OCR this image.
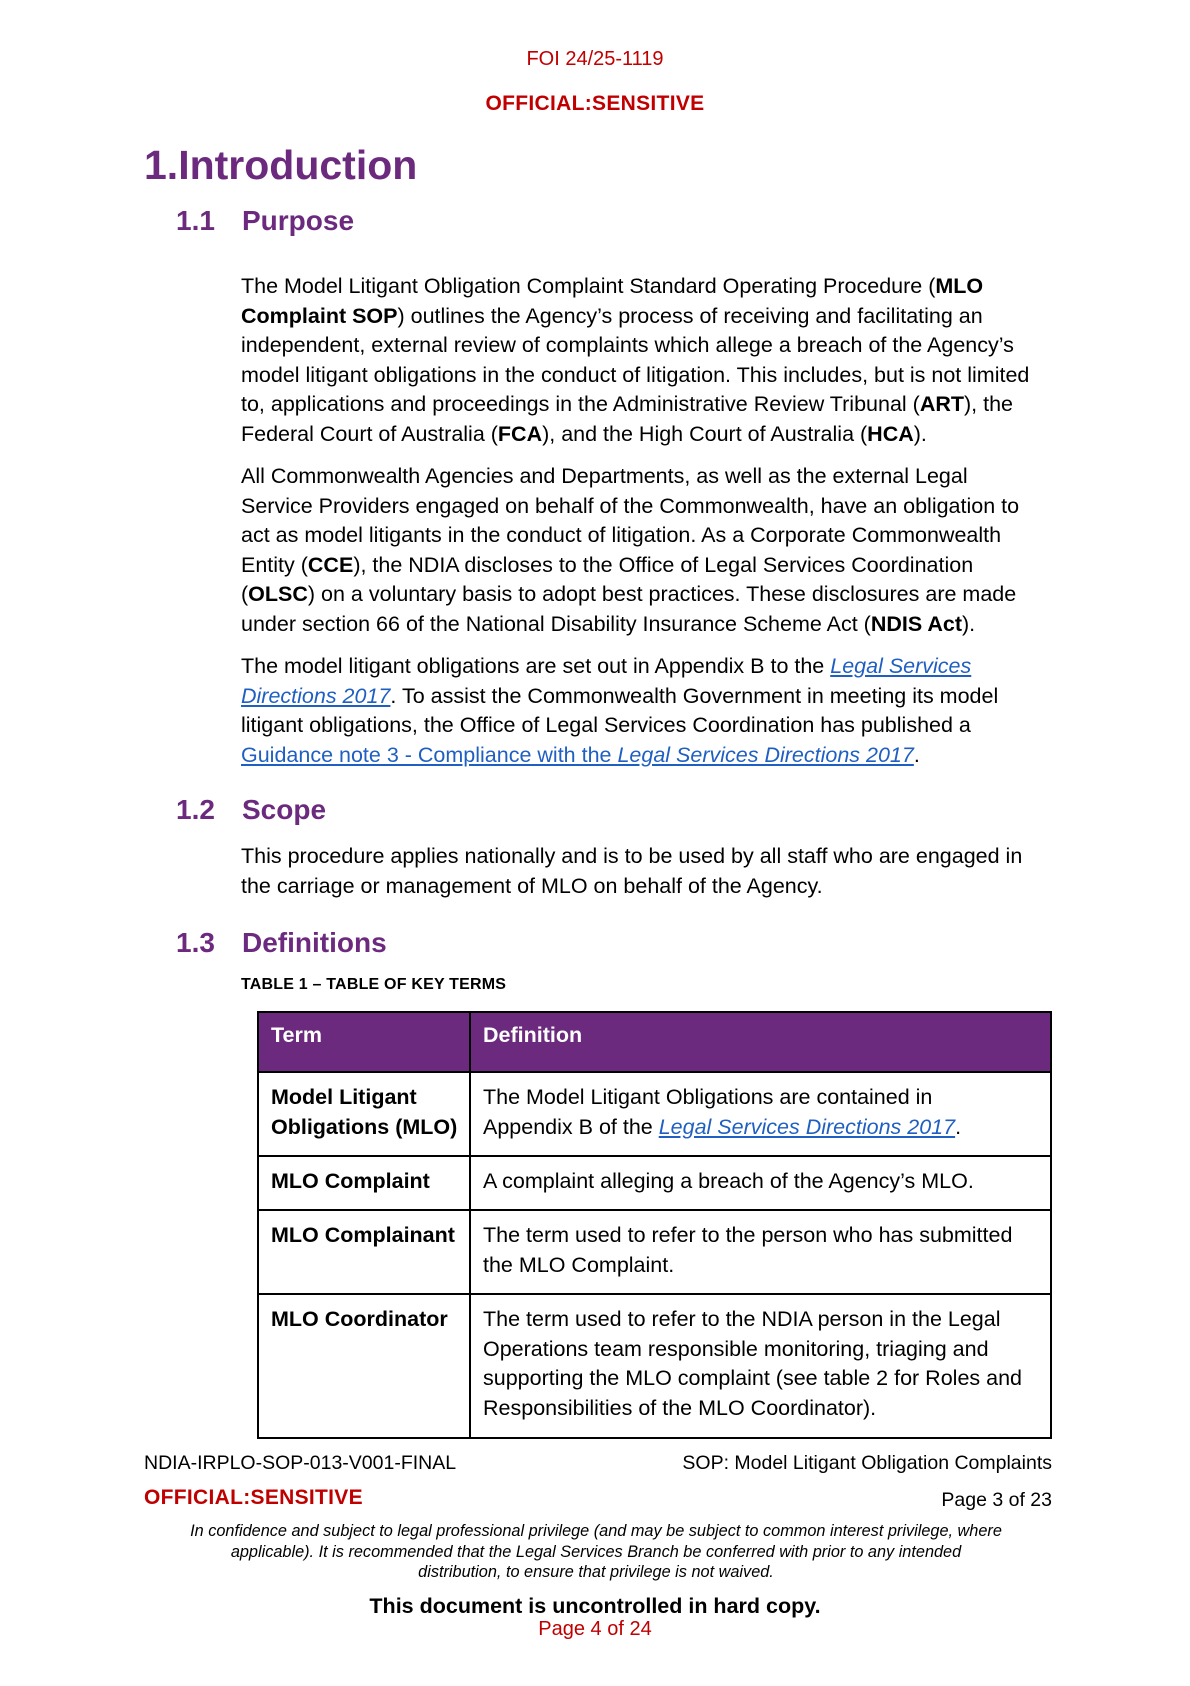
FOI 24/25-1119
OFFICIAL:SENSITIVE
1.Introduction
1.1 Purpose
The Model Litigant Obligation Complaint Standard Operating Procedure (MLO
Complaint SOP) outlines the Agency’s process of receiving and facilitating an
independent, external review of complaints which allege a breach of the Agency’s
model litigant obligations in the conduct of litigation. This includes, but is not limited
to, applications and proceedings in the Administrative Review Tribunal (ART), the
Federal Court of Australia (FCA), and the High Court of Australia (HCA).
All Commonwealth Agencies and Departments, as well as the external Legal
Service Providers engaged on behalf of the Commonwealth, have an obligation to
act as model litigants in the conduct of litigation. As a Corporate Commonwealth
Entity (CCE), the NDIA discloses to the Office of Legal Services Coordination
(OLSC) on a voluntary basis to adopt best practices. These disclosures are made
under section 66 of the National Disability Insurance Scheme Act (NDIS Act).
The model litigant obligations are set out in Appendix B to the Legal Services
Directions 2017. To assist the Commonwealth Government in meeting its model
litigant obligations, the Office of Legal Services Coordination has published a
Guidance note 3 - Compliance with the Legal Services Directions 2017.
1.2 Scope
This procedure applies nationally and is to be used by all staff who are engaged in
the carriage or management of MLO on behalf of the Agency.
1.3 Definitions
TABLE 1 – TABLE OF KEY TERMS
Term	Definition
Model Litigant
Obligations (MLO)	The Model Litigant Obligations are contained in
Appendix B of the Legal Services Directions 2017.
MLO Complaint	A complaint alleging a breach of the Agency’s MLO.
MLO Complainant	The term used to refer to the person who has submitted
the MLO Complaint.
MLO Coordinator	The term used to refer to the NDIA person in the Legal
Operations team responsible monitoring, triaging and
supporting the MLO complaint (see table 2 for Roles and
Responsibilities of the MLO Coordinator).
NDIA-IRPLO-SOP-013-V001-FINAL	SOP: Model Litigant Obligation Complaints
OFFICIAL:SENSITIVE	Page 3 of 23
In confidence and subject to legal professional privilege (and may be subject to common interest privilege, where
applicable). It is recommended that the Legal Services Branch be conferred with prior to any intended
distribution, to ensure that privilege is not waived.
This document is uncontrolled in hard copy.
Page 4 of 24
